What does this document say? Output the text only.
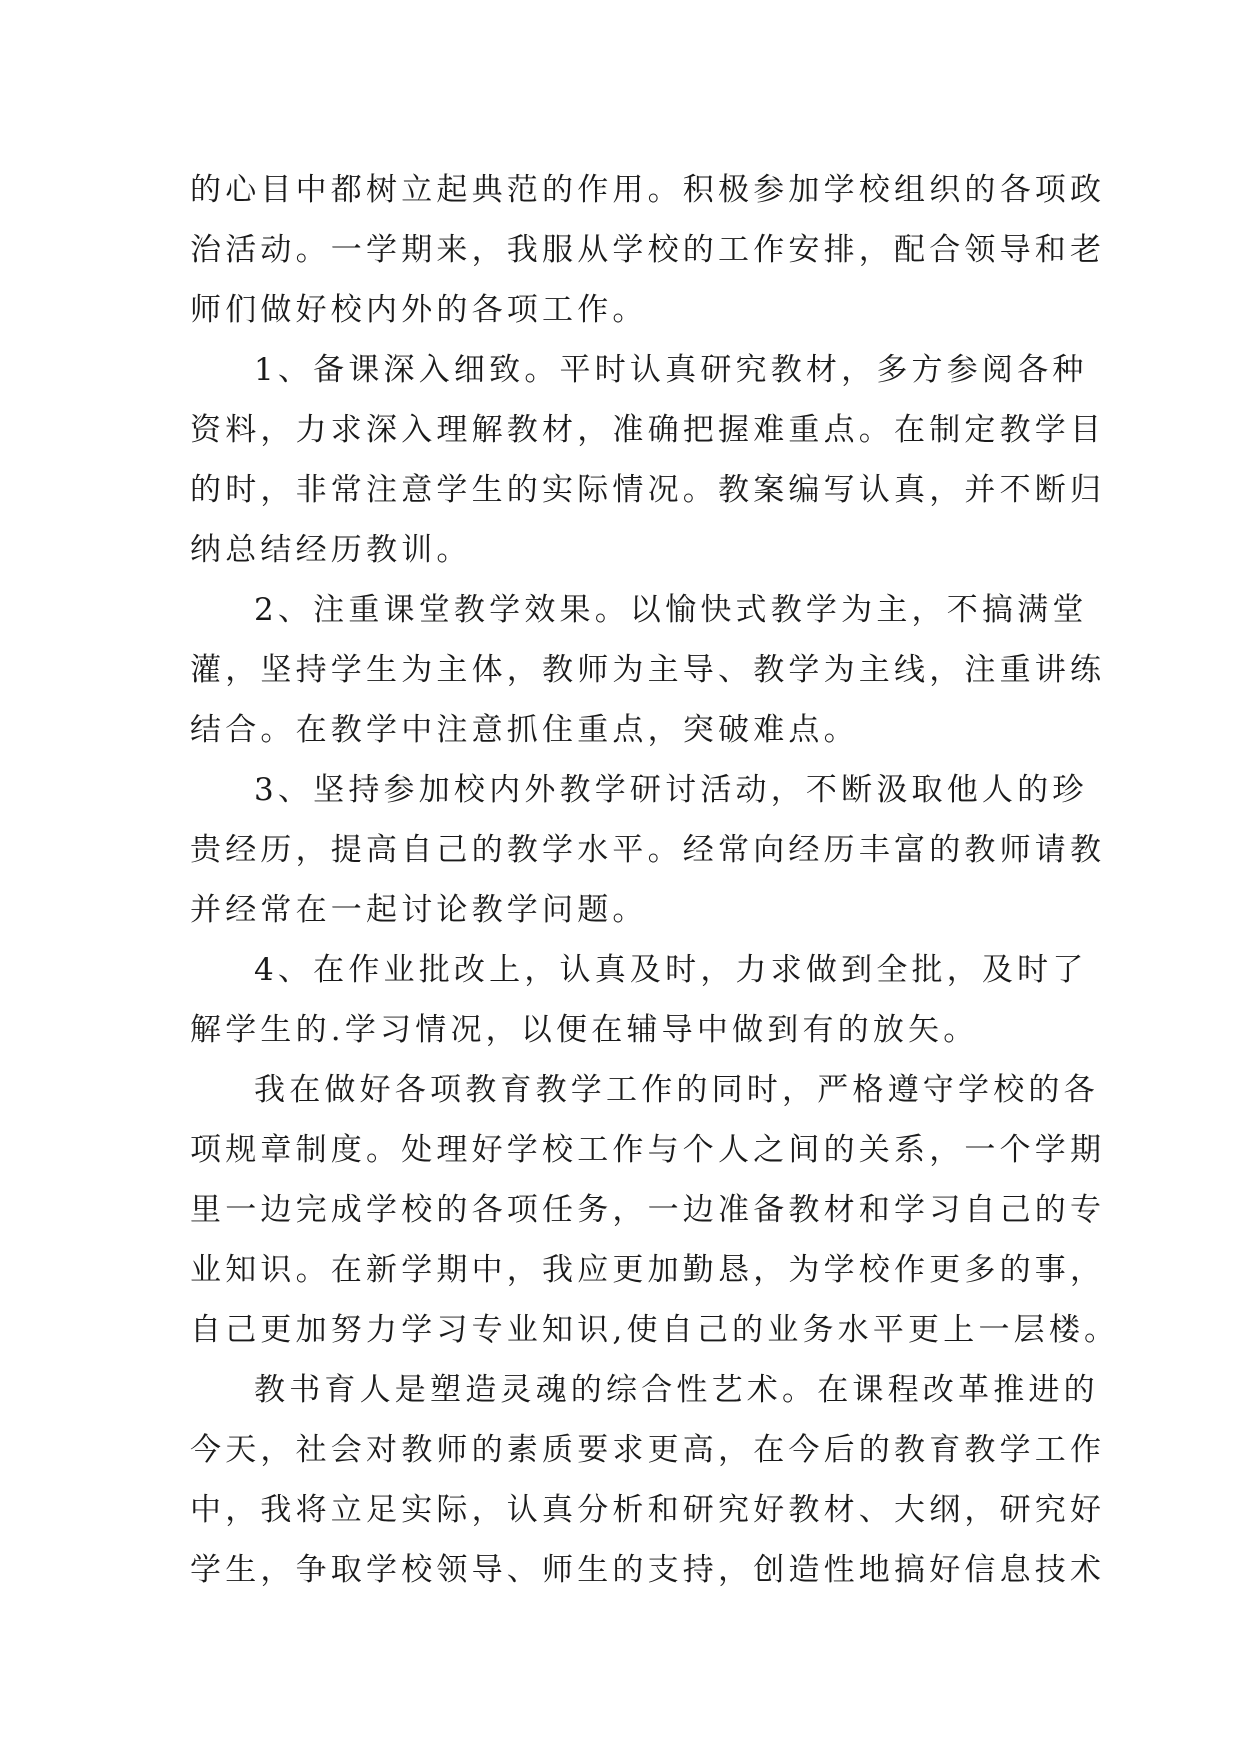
的心目中都树立起典范的作用。积极参加学校组织的各项政
治活动。一学期来，我服从学校的工作安排，配合领导和老
师们做好校内外的各项工作。
1、备课深入细致。平时认真研究教材，多方参阅各种
资料，力求深入理解教材，准确把握难重点。在制定教学目
的时，非常注意学生的实际情况。教案编写认真，并不断归
纳总结经历教训。
2、注重课堂教学效果。以愉快式教学为主，不搞满堂
灌，坚持学生为主体，教师为主导、教学为主线，注重讲练
结合。在教学中注意抓住重点，突破难点。
3、坚持参加校内外教学研讨活动，不断汲取他人的珍
贵经历，提高自己的教学水平。经常向经历丰富的教师请教
并经常在一起讨论教学问题。
4、在作业批改上，认真及时，力求做到全批，及时了
解学生的.学习情况，以便在辅导中做到有的放矢。
我在做好各项教育教学工作的同时，严格遵守学校的各
项规章制度。处理好学校工作与个人之间的关系，一个学期
里一边完成学校的各项任务，一边准备教材和学习自己的专
业知识。在新学期中，我应更加勤恳，为学校作更多的事，
自己更加努力学习专业知识,使自己的业务水平更上一层楼。
教书育人是塑造灵魂的综合性艺术。在课程改革推进的
今天，社会对教师的素质要求更高，在今后的教育教学工作
中，我将立足实际，认真分析和研究好教材、大纲，研究好
学生，争取学校领导、师生的支持，创造性地搞好信息技术
